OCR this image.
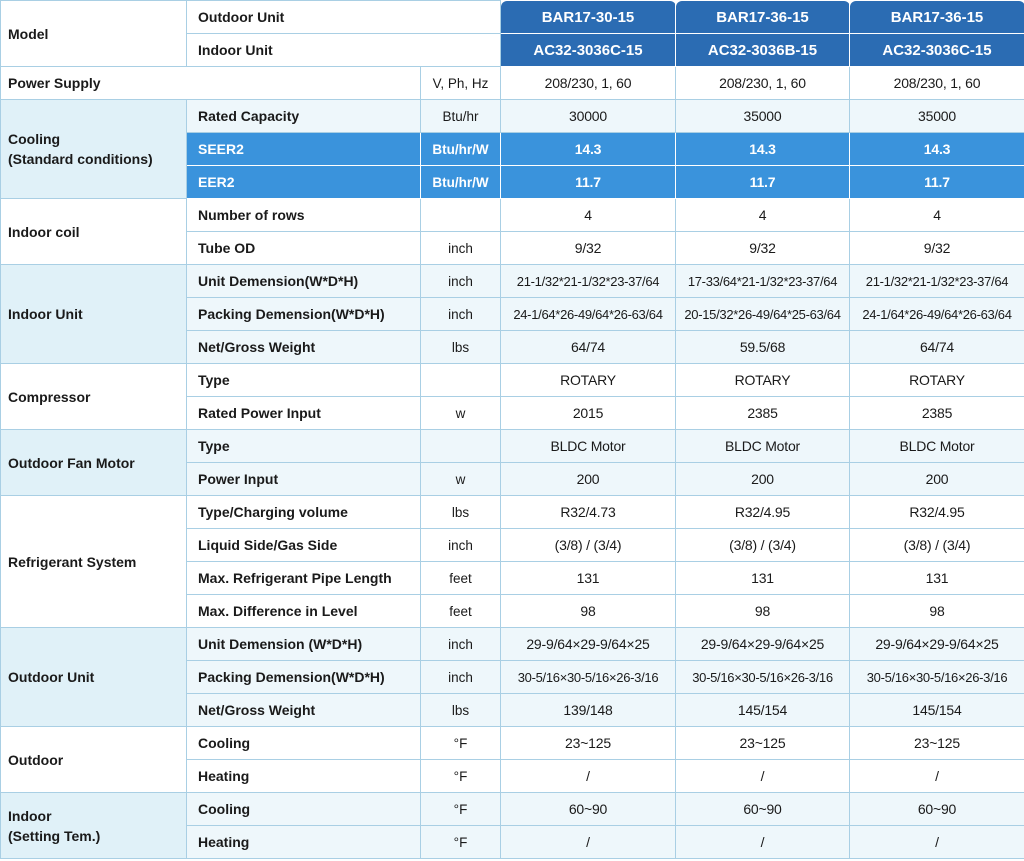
Model	Outdoor Unit		BAR17-30-15	BAR17-36-15	BAR17-36-15
	Indoor Unit		AC32-3036C-15	AC32-3036B-15	AC32-3036C-15
Power Supply		V, Ph, Hz	208/230, 1, 60	208/230, 1, 60	208/230, 1, 60
Cooling
(Standard conditions)	Rated Capacity	Btu/hr	30000	35000	35000
	SEER2	Btu/hr/W	14.3	14.3	14.3
	EER2	Btu/hr/W	11.7	11.7	11.7
Indoor coil	Number of rows		4	4	4
	Tube OD	inch	9/32	9/32	9/32
Indoor Unit	Unit Demension(W*D*H)	inch	21-1/32*21-1/32*23-37/64	17-33/64*21-1/32*23-37/64	21-1/32*21-1/32*23-37/64
	Packing Demension(W*D*H)	inch	24-1/64*26-49/64*26-63/64	20-15/32*26-49/64*25-63/64	24-1/64*26-49/64*26-63/64
	Net/Gross Weight	lbs	64/74	59.5/68	64/74
Compressor	Type		ROTARY	ROTARY	ROTARY
	Rated Power Input	w	2015	2385	2385
Outdoor Fan Motor	Type		BLDC Motor	BLDC Motor	BLDC Motor
	Power Input	w	200	200	200
Refrigerant System	Type/Charging volume	lbs	R32/4.73	R32/4.95	R32/4.95
	Liquid Side/Gas Side	inch	(3/8) / (3/4)	(3/8) / (3/4)	(3/8) / (3/4)
	Max. Refrigerant Pipe Length	feet	131	131	131
	Max. Difference in Level	feet	98	98	98
Outdoor Unit	Unit Demension (W*D*H)	inch	29-9/64×29-9/64×25	29-9/64×29-9/64×25	29-9/64×29-9/64×25
	Packing Demension(W*D*H)	inch	30-5/16×30-5/16×26-3/16	30-5/16×30-5/16×26-3/16	30-5/16×30-5/16×26-3/16
	Net/Gross Weight	lbs	139/148	145/154	145/154
Outdoor	Cooling	°F	23~125	23~125	23~125
	Heating	°F	/	/	/
Indoor
(Setting Tem.)	Cooling	°F	60~90	60~90	60~90
	Heating	°F	/	/	/
